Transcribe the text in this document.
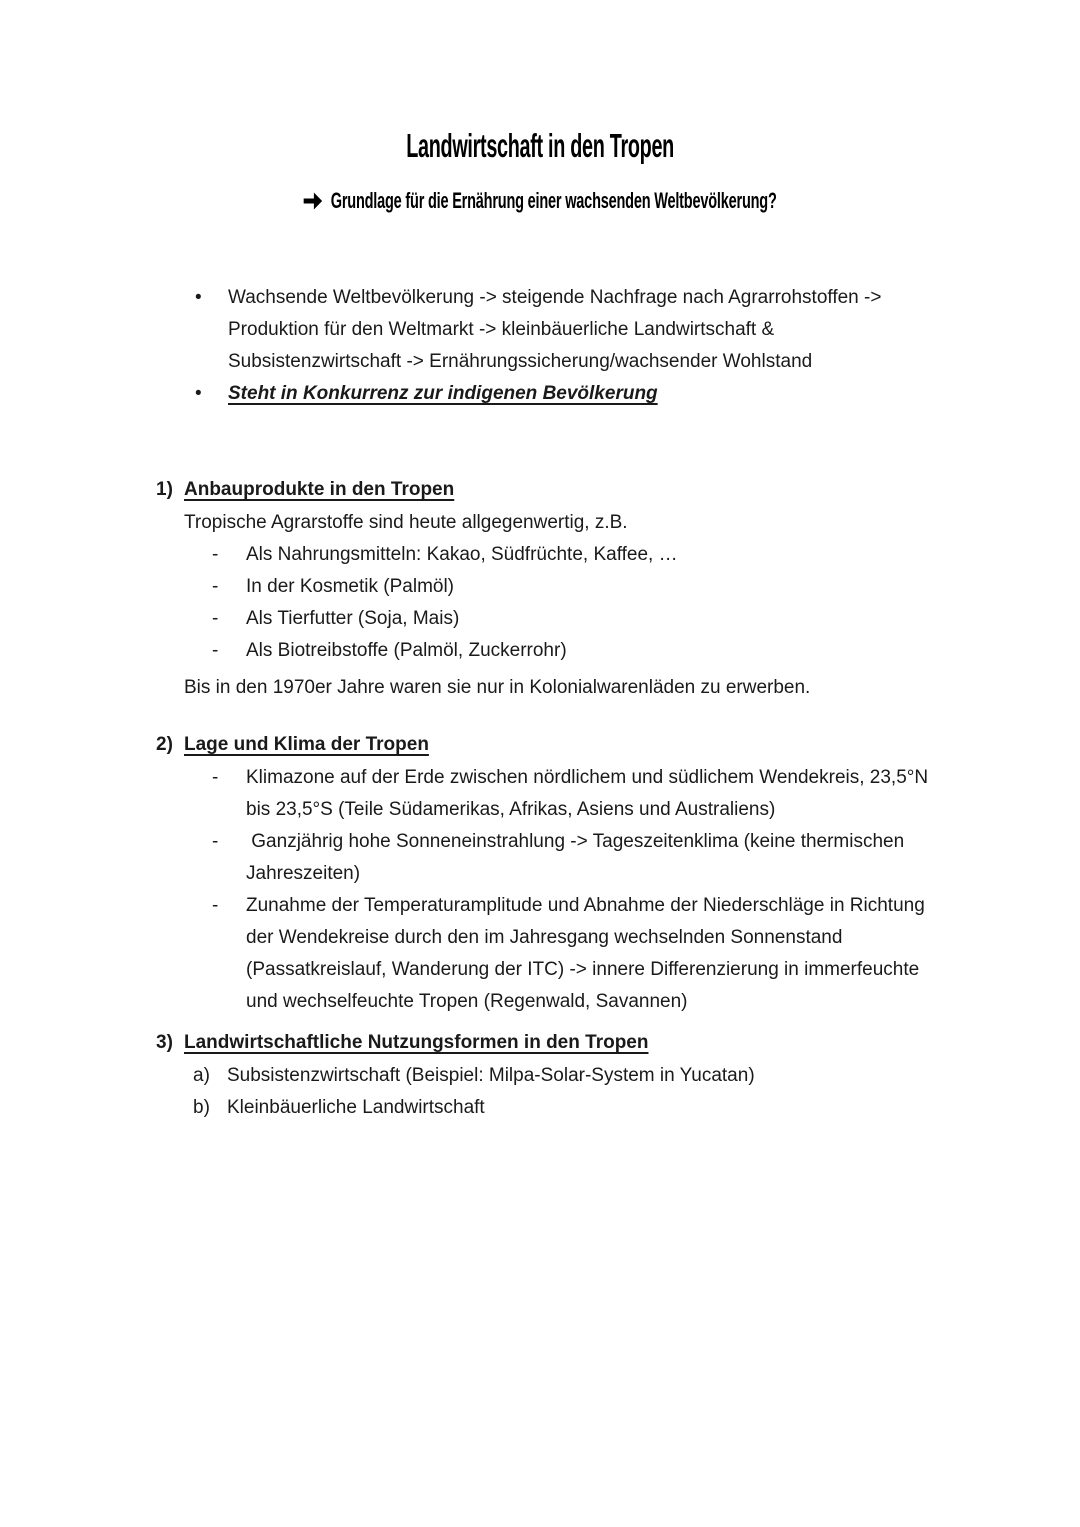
Landwirtschaft in den Tropen
Grundlage für die Ernährung einer wachsenden Weltbevölkerung?
• Wachsende Weltbevölkerung -> steigende Nachfrage nach Agrarrohstoffen ->
Produktion für den Weltmarkt -> kleinbäuerliche Landwirtschaft &
Subsistenzwirtschaft -> Ernährungssicherung/wachsender Wohlstand
• Steht in Konkurrenz zur indigenen Bevölkerung
1) Anbauprodukte in den Tropen
Tropische Agrarstoffe sind heute allgegenwertig, z.B.
- Als Nahrungsmitteln: Kakao, Südfrüchte, Kaffee, …
- In der Kosmetik (Palmöl)
- Als Tierfutter (Soja, Mais)
- Als Biotreibstoffe (Palmöl, Zuckerrohr)
Bis in den 1970er Jahre waren sie nur in Kolonialwarenläden zu erwerben.
2) Lage und Klima der Tropen
- Klimazone auf der Erde zwischen nördlichem und südlichem Wendekreis, 23,5°N
bis 23,5°S (Teile Südamerikas, Afrikas, Asiens und Australiens)
- Ganzjährig hohe Sonneneinstrahlung -> Tageszeitenklima (keine thermischen
Jahreszeiten)
- Zunahme der Temperaturamplitude und Abnahme der Niederschläge in Richtung
der Wendekreise durch den im Jahresgang wechselnden Sonnenstand
(Passatkreislauf, Wanderung der ITC) -> innere Differenzierung in immerfeuchte
und wechselfeuchte Tropen (Regenwald, Savannen)
3) Landwirtschaftliche Nutzungsformen in den Tropen
a) Subsistenzwirtschaft (Beispiel: Milpa-Solar-System in Yucatan)
b) Kleinbäuerliche Landwirtschaft
